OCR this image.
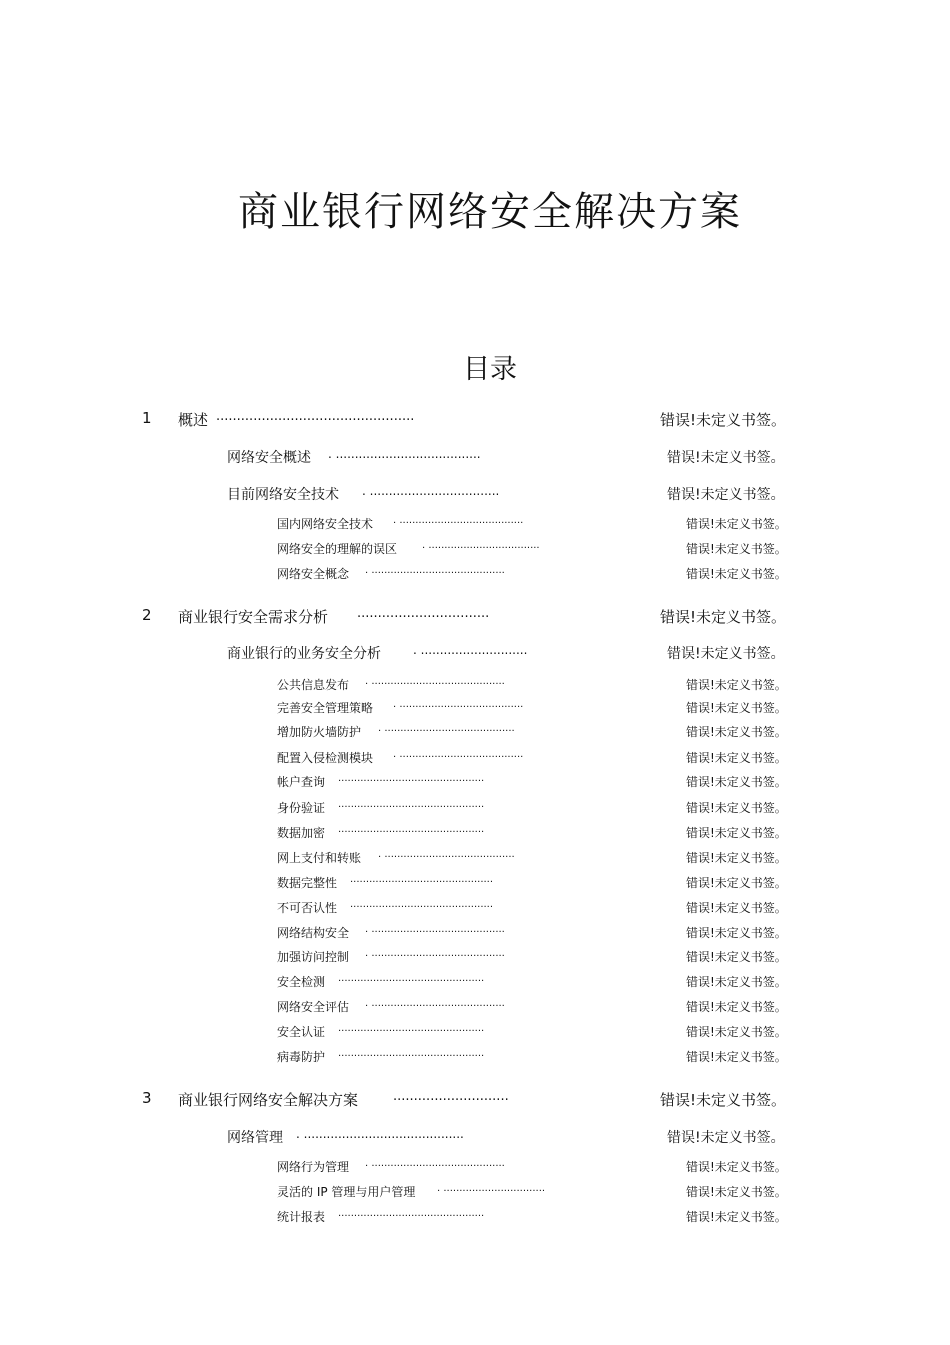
商业银行网络安全解决方案
目录
1 概述 ................................................	错误!未定义书签。
网络安全概述 . ......................................	错误!未定义书签。
目前网络安全技术 . ..................................	错误!未定义书签。
国内网络安全技术 . .......................................	错误!未定义书签。
网络安全的理解的误区 . ...................................	错误!未定义书签。
网络安全概念 . ..........................................	错误!未定义书签。
2 商业银行安全需求分析 ................................	错误!未定义书签。
商业银行的业务安全分析	. ............................	错误!未定义书签。
公共信息发布 . ..........................................	错误!未定义书签。
完善安全管理策略 . .......................................	错误!未定义书签。
增加防火墙防护 . .........................................	错误!未定义书签。
配置入侵检测模块 . .......................................	错误!未定义书签。
帐户查询 ..............................................	错误!未定义书签。
身份验证 ..............................................	错误!未定义书签。
数据加密 ..............................................	错误!未定义书签。
网上支付和转账 . .........................................	错误!未定义书签。
数据完整性 .............................................	错误!未定义书签。
不可否认性 .............................................	错误!未定义书签。
网络结构安全 . ..........................................	错误!未定义书签。
加强访问控制 . ..........................................	错误!未定义书签。
安全检测 ..............................................	错误!未定义书签。
网络安全评估 . ..........................................	错误!未定义书签。
安全认证 ..............................................	错误!未定义书签。
病毒防护 ..............................................	错误!未定义书签。
3 商业银行网络安全解决方案	............................	错误!未定义书签。
网络管理 . ..........................................	错误!未定义书签。
网络行为管理 . ..........................................	错误!未定义书签。
灵活的 IP 管理与用户管理 . ................................	错误!未定义书签。
统计报表 ..............................................	错误!未定义书签。
